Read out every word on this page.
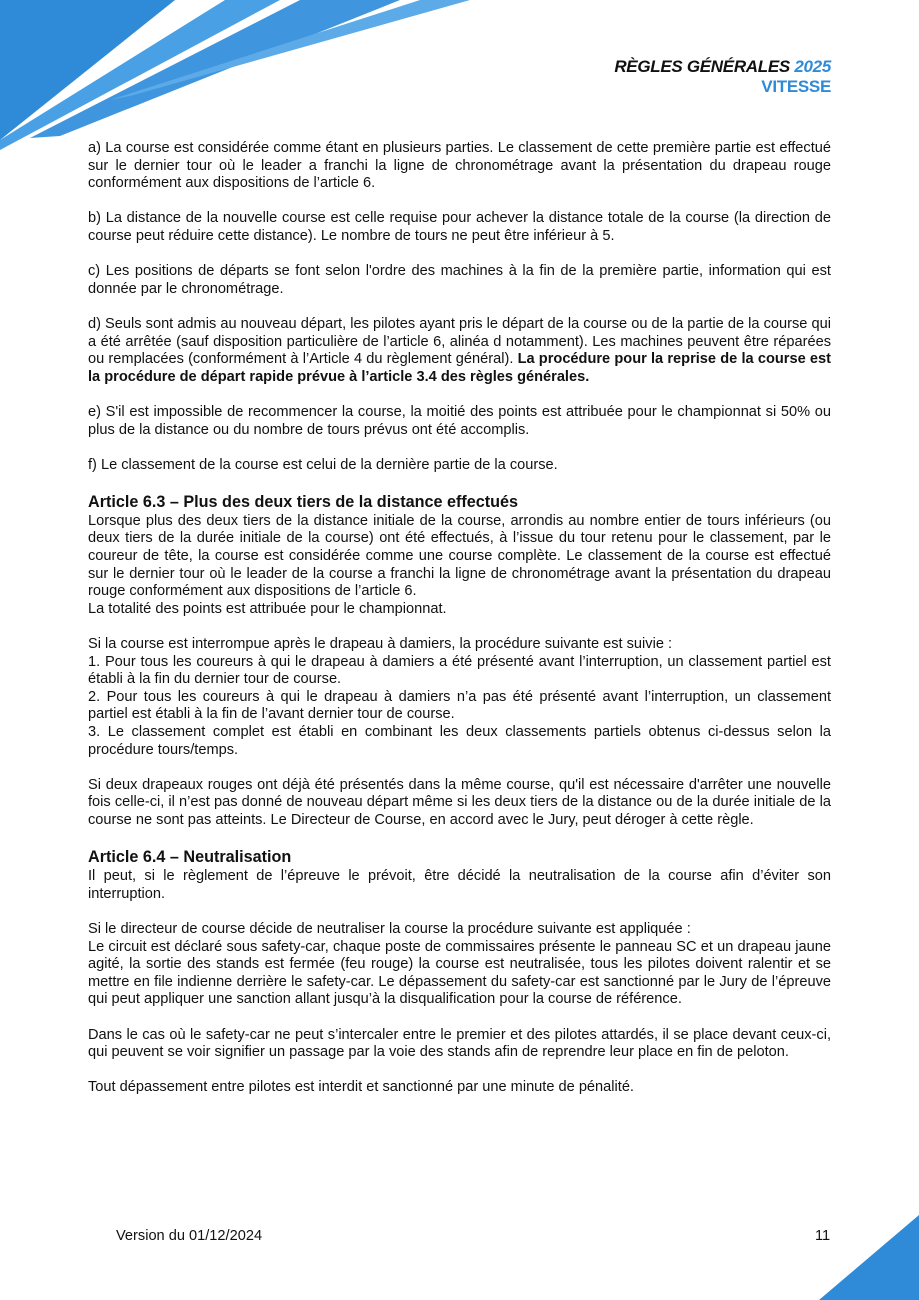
RÈGLES GÉNÉRALES 2025
VITESSE

a) La course est considérée comme étant en plusieurs parties. Le classement de cette première partie est effectué sur le dernier tour où le leader a franchi la ligne de chronométrage avant la présentation du drapeau rouge conformément aux dispositions de l’article 6.

b) La distance de la nouvelle course est celle requise pour achever la distance totale de la course (la direction de course peut réduire cette distance). Le nombre de tours ne peut être inférieur à 5.

c) Les positions de départs se font selon l'ordre des machines à la fin de la première partie, information qui est donnée par le chronométrage.

d) Seuls sont admis au nouveau départ, les pilotes ayant pris le départ de la course ou de la partie de la course qui a été arrêtée (sauf disposition particulière de l’article 6, alinéa d notamment). Les machines peuvent être réparées ou remplacées (conformément à l’Article 4 du règlement général). La procédure pour la reprise de la course est la procédure de départ rapide prévue à l’article 3.4 des règles générales.

e) S'il est impossible de recommencer la course, la moitié des points est attribuée pour le championnat si 50% ou plus de la distance ou du nombre de tours prévus ont été accomplis.

f) Le classement de la course est celui de la dernière partie de la course.

Article 6.3 – Plus des deux tiers de la distance effectués

Lorsque plus des deux tiers de la distance initiale de la course, arrondis au nombre entier de tours inférieurs (ou deux tiers de la durée initiale de la course) ont été effectués, à l’issue du tour retenu pour le classement, par le coureur de tête, la course est considérée comme une course complète. Le classement de la course est effectué sur le dernier tour où le leader de la course a franchi la ligne de chronométrage avant la présentation du drapeau rouge conformément aux dispositions de l’article 6.

La totalité des points est attribuée pour le championnat.

Si la course est interrompue après le drapeau à damiers, la procédure suivante est suivie :

1. Pour tous les coureurs à qui le drapeau à damiers a été présenté avant l’interruption, un classement partiel est établi à la fin du dernier tour de course.

2. Pour tous les coureurs à qui le drapeau à damiers n’a pas été présenté avant l’interruption, un classement partiel est établi à la fin de l’avant dernier tour de course.

3. Le classement complet est établi en combinant les deux classements partiels obtenus ci-dessus selon la procédure tours/temps.

Si deux drapeaux rouges ont déjà été présentés dans la même course, qu'il est nécessaire d'arrêter une nouvelle fois celle-ci, il n’est pas donné de nouveau départ même si les deux tiers de la distance ou de la durée initiale de la course ne sont pas atteints. Le Directeur de Course, en accord avec le Jury, peut déroger à cette règle.

Article 6.4 – Neutralisation

Il peut, si le règlement de l’épreuve le prévoit, être décidé la neutralisation de la course afin d’éviter son interruption.

Si le directeur de course décide de neutraliser la course la procédure suivante est appliquée :

Le circuit est déclaré sous safety-car, chaque poste de commissaires présente le panneau SC et un drapeau jaune agité, la sortie des stands est fermée (feu rouge) la course est neutralisée, tous les pilotes doivent ralentir et se mettre en file indienne derrière le safety-car. Le dépassement du safety-car est sanctionné par le Jury de l’épreuve qui peut appliquer une sanction allant jusqu’à la disqualification pour la course de référence.

Dans le cas où le safety-car ne peut s’intercaler entre le premier et des pilotes attardés, il se place devant ceux-ci, qui peuvent se voir signifier un passage par la voie des stands afin de reprendre leur place en fin de peloton.

Tout dépassement entre pilotes est interdit et sanctionné par une minute de pénalité.

Version du 01/12/2024	11
